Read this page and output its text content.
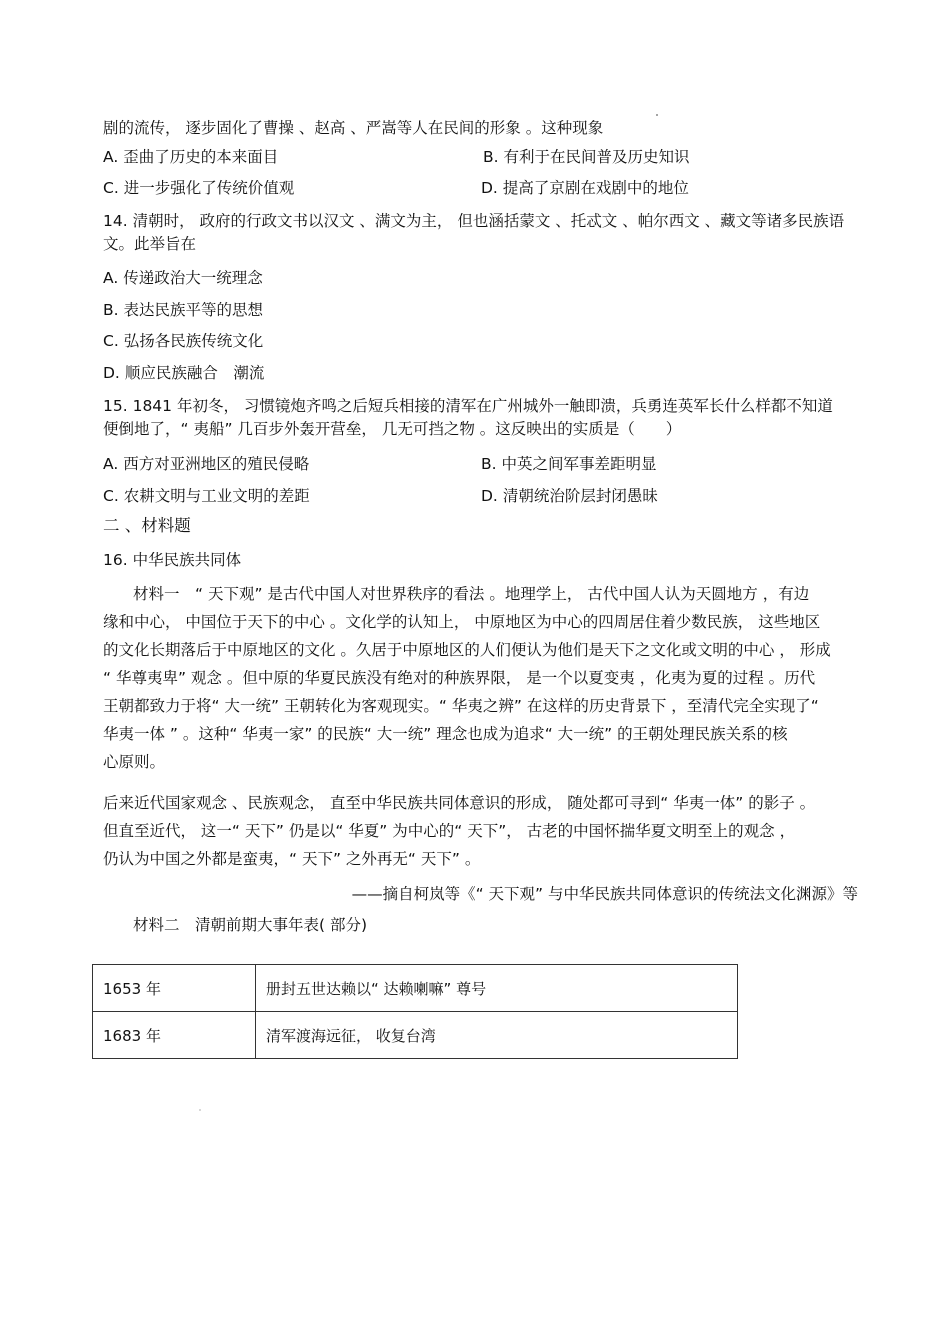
剧的流传， 逐步固化了曹操 、赵高 、严嵩等人在民间的形象 。这种现象
A. 歪曲了历史的本来面目	B. 有利于在民间普及历史知识
C. 进一步强化了传统价值观	D. 提高了京剧在戏剧中的地位
14. 清朝时， 政府的行政文书以汉文 、满文为主， 但也涵括蒙文 、托忒文 、帕尔西文 、藏文等诸多民族语
文。此举旨在
A. 传递政治大一统理念
B. 表达民族平等的思想
C. 弘扬各民族传统文化
D. 顺应民族融合　潮流
15. 1841 年初冬， 习惯镜炮齐鸣之后短兵相接的清军在广州城外一触即溃，兵勇连英军长什么样都不知道
便倒地了，“ 夷船” 几百步外轰开营垒， 几无可挡之物 。这反映出的实质是（　　）
A. 西方对亚洲地区的殖民侵略	B. 中英之间军事差距明显
C. 农耕文明与工业文明的差距	D. 清朝统治阶层封闭愚昧
二 、材料题
16. 中华民族共同体
材料一　“ 天下观” 是古代中国人对世界秩序的看法 。地理学上， 古代中国人认为天圆地方 ，有边
缘和中心， 中国位于天下的中心 。文化学的认知上， 中原地区为中心的四周居住着少数民族， 这些地区
的文化长期落后于中原地区的文化 。久居于中原地区的人们便认为他们是天下之文化或文明的中心 ， 形成
“ 华尊夷卑” 观念 。但中原的华夏民族没有绝对的种族界限， 是一个以夏变夷 ，化夷为夏的过程 。历代
王朝都致力于将“ 大一统” 王朝转化为客观现实。“ 华夷之辨” 在这样的历史背景下 ，至清代完全实现了“
华夷一体 ” 。这种“ 华夷一家” 的民族“ 大一统” 理念也成为追求“ 大一统” 的王朝处理民族关系的核
心原则。
后来近代国家观念 、民族观念， 直至中华民族共同体意识的形成， 随处都可寻到“ 华夷一体” 的影子 。
但直至近代， 这一“ 天下” 仍是以“ 华夏” 为中心的“ 天下”， 古老的中国怀揣华夏文明至上的观念 ，
仍认为中国之外都是蛮夷，“ 天下” 之外再无“ 天下” 。
——摘自柯岚等《“ 天下观” 与中华民族共同体意识的传统法文化渊源》等
材料二　清朝前期大事年表( 部分)
1653 年	册封五世达赖以“ 达赖喇嘛” 尊号
1683 年	清军渡海远征， 收复台湾
